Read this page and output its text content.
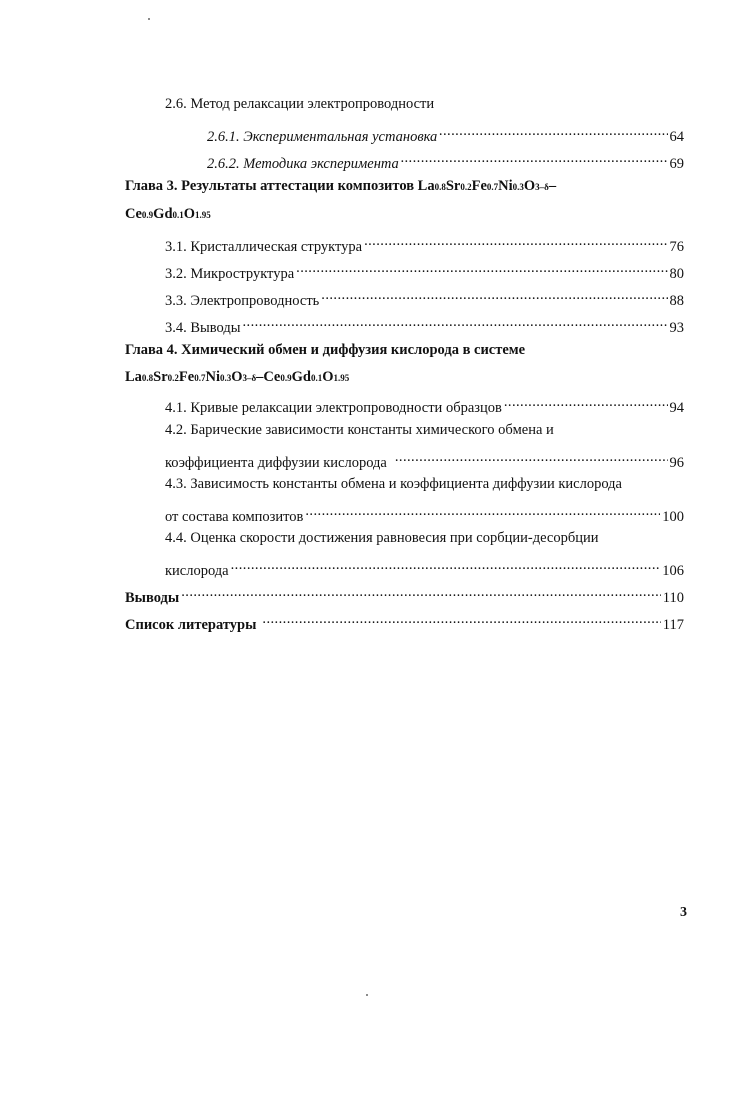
2.6. Метод релаксации электропроводности
2.6.1. Экспериментальная установка . . .	64
2.6.2. Методика эксперимента . . .	69
Глава 3. Результаты аттестации композитов
La 0.8 Sr 0.2 Fe 0.7 Ni 0.3 O 3–δ –
Ce 0.9 Gd 0.1 O 1.95
3.1. Кристаллическая структура . . .	76
3.2. Микроструктура . . .	80
3.3. Электропроводность . . .	88
3.4. Выводы . . .	93
Глава 4. Химический обмен и диффузия кислорода в системе
La 0.8 Sr 0.2 Fe 0.7 Ni 0.3 O 3–δ – Ce 0.9 Gd 0.1 O 1.95
4.1. Кривые релаксации электропроводности образцов . . .	94
4.2. Барические зависимости константы химического обмена и
коэффициента диффузии кислорода . . .	96
4.3. Зависимость константы обмена и коэффициента диффузии кислорода
от состава композитов . . .	100
4.4. Оценка скорости достижения равновесия при сорбции-десорбции
кислорода . . .	106
Выводы . . .	110
Список литературы . . .	117
3
